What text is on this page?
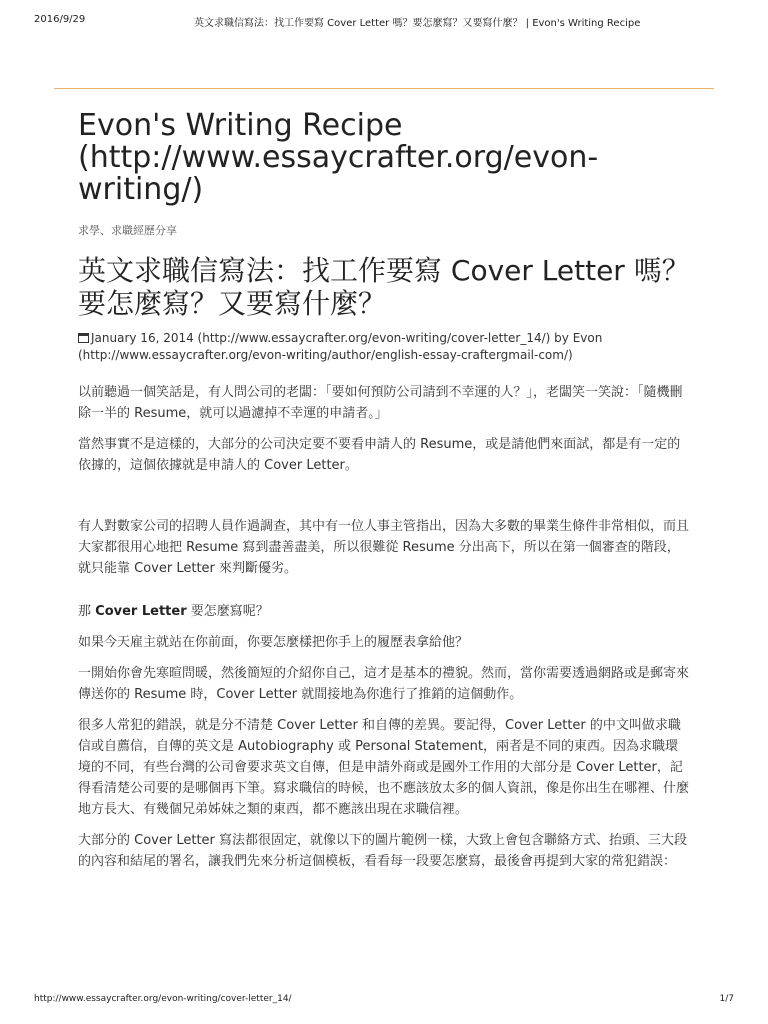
2016/9/29	英文求職信寫法：找工作要寫 Cover Letter 嗎？要怎麼寫？又要寫什麼？ | Evon's Writing Recipe
Evon's Writing Recipe (http://www.essaycrafter.org/evon-writing/)
求學、求職經歷分享
英文求職信寫法：找工作要寫 Cover Letter 嗎？要怎麼寫？又要寫什麼？
January 16, 2014 (http://www.essaycrafter.org/evon-writing/cover-letter_14/) by Evon (http://www.essaycrafter.org/evon-writing/author/english-essay-craftergmail-com/)

以前聽過一個笑話是，有人問公司的老闆：「要如何預防公司請到不幸運的人？」，老闆笑一笑說：「隨機刪除一半的 Resume，就可以過濾掉不幸運的申請者。」

當然事實不是這樣的，大部分的公司決定要不要看申請人的 Resume，或是請他們來面試，都是有一定的依據的，這個依據就是申請人的 Cover Letter。

有人對數家公司的招聘人員作過調查，其中有一位人事主管指出，因為大多數的畢業生條件非常相似，而且大家都很用心地把 Resume 寫到盡善盡美，所以很難從 Resume 分出高下，所以在第一個審查的階段，就只能靠 Cover Letter 來判斷優劣。

那 Cover Letter 要怎麼寫呢？

如果今天雇主就站在你前面，你要怎麼樣把你手上的履歷表拿給他？

一開始你會先寒暄問暖，然後簡短的介紹你自己，這才是基本的禮貌。然而，當你需要透過網路或是郵寄來傳送你的 Resume 時，Cover Letter 就間接地為你進行了推銷的這個動作。

很多人常犯的錯誤，就是分不清楚 Cover Letter 和自傳的差異。要記得，Cover Letter 的中文叫做求職信或自薦信，自傳的英文是 Autobiography 或 Personal Statement，兩者是不同的東西。因為求職環境的不同，有些台灣的公司會要求英文自傳，但是申請外商或是國外工作用的大部分是 Cover Letter，記得看清楚公司要的是哪個再下筆。寫求職信的時候，也不應該放太多的個人資訊，像是你出生在哪裡、什麼地方長大、有幾個兄弟姊妹之類的東西，都不應該出現在求職信裡。

大部分的 Cover Letter 寫法都很固定，就像以下的圖片範例一樣，大致上會包含聯絡方式、抬頭、三大段的內容和結尾的署名，讓我們先來分析這個模板，看看每一段要怎麼寫，最後會再提到大家的常犯錯誤：

http://www.essaycrafter.org/evon-writing/cover-letter_14/	1/7
